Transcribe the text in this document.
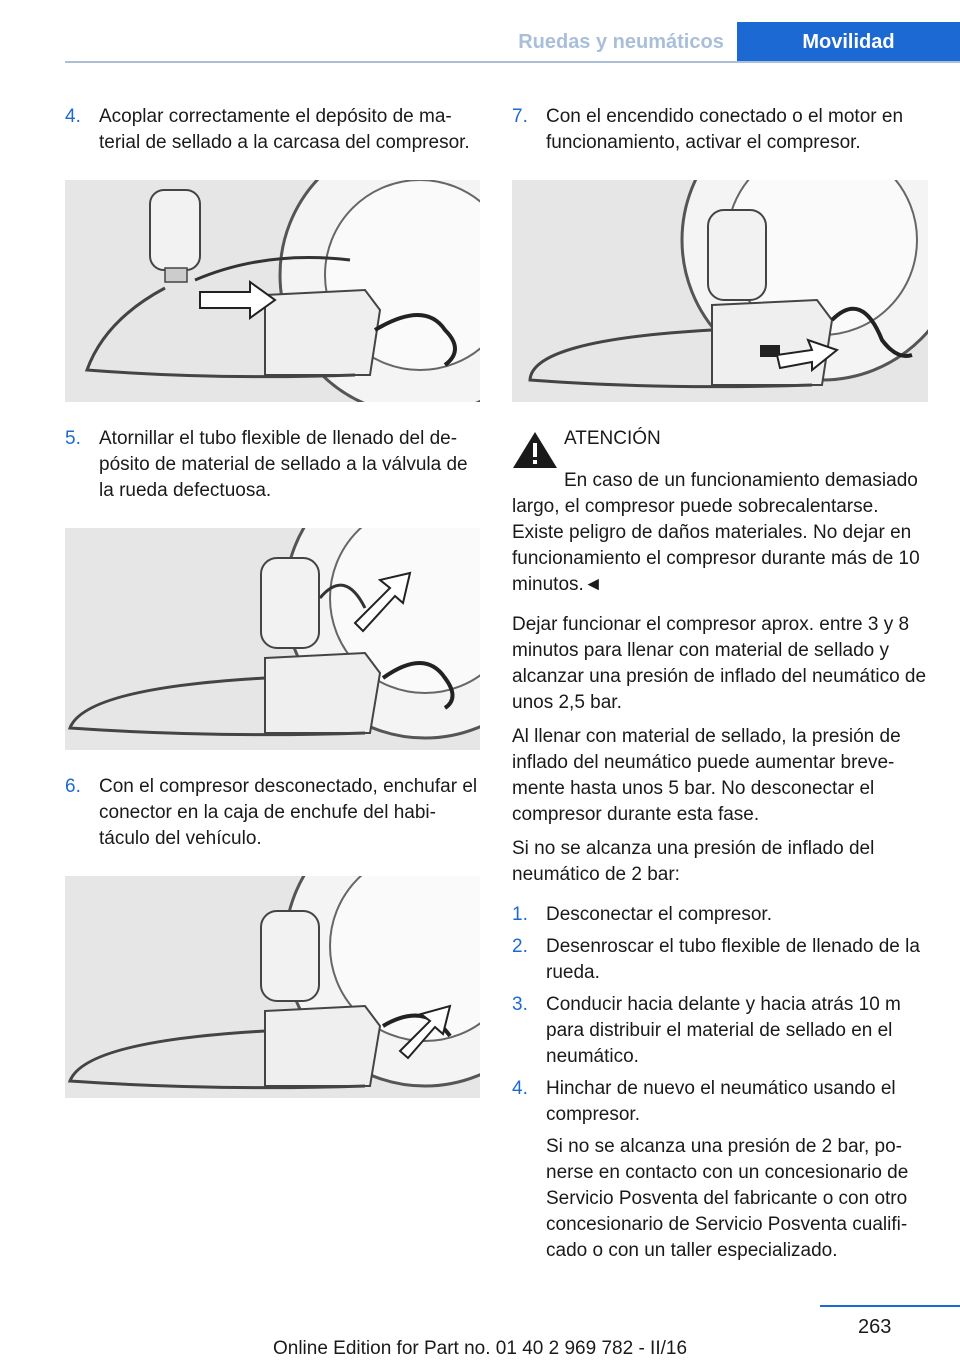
Ruedas y neumáticos	Movilidad
4. Acoplar correctamente el depósito de material de sellado a la carcasa del compresor.
5. Atornillar el tubo flexible de llenado del depósito de material de sellado a la válvula de la rueda defectuosa.
6. Con el compresor desconectado, enchufar el conector en la caja de enchufe del habitáculo del vehículo.
7. Con el encendido conectado o el motor en funcionamiento, activar el compresor.
ATENCIÓN
En caso de un funcionamiento demasiado largo, el compresor puede sobrecalentarse. Existe peligro de daños materiales. No dejar en funcionamiento el compresor durante más de 10 minutos.◄
Dejar funcionar el compresor aprox. entre 3 y 8 minutos para llenar con material de sellado y alcanzar una presión de inflado del neumático de unos 2,5 bar.
Al llenar con material de sellado, la presión de inflado del neumático puede aumentar brevemente hasta unos 5 bar. No desconectar el compresor durante esta fase.
Si no se alcanza una presión de inflado del neumático de 2 bar:
1. Desconectar el compresor.
2. Desenroscar el tubo flexible de llenado de la rueda.
3. Conducir hacia delante y hacia atrás 10 m para distribuir el material de sellado en el neumático.
4. Hinchar de nuevo el neumático usando el compresor.
Si no se alcanza una presión de 2 bar, ponerse en contacto con un concesionario de Servicio Posventa del fabricante o con otro concesionario de Servicio Posventa cualificado o con un taller especializado.
263
Online Edition for Part no. 01 40 2 969 782 - II/16
